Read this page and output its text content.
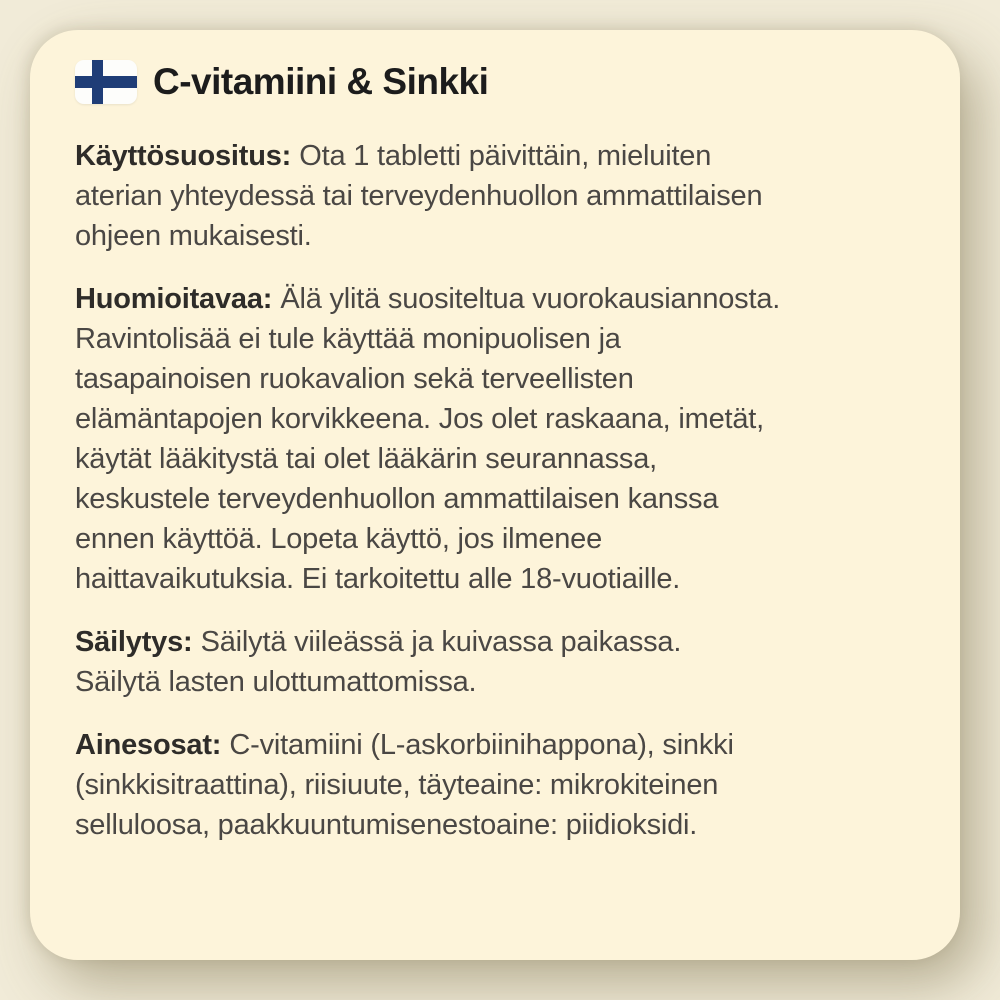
C-vitamiini & Sinkki

Käyttösuositus: Ota 1 tabletti päivittäin, mieluiten
aterian yhteydessä tai terveydenhuollon ammattilaisen
ohjeen mukaisesti.

Huomioitavaa: Älä ylitä suositeltua vuorokausiannosta.
Ravintolisää ei tule käyttää monipuolisen ja
tasapainoisen ruokavalion sekä terveellisten
elämäntapojen korvikkeena. Jos olet raskaana, imetät,
käytät lääkitystä tai olet lääkärin seurannassa,
keskustele terveydenhuollon ammattilaisen kanssa
ennen käyttöä. Lopeta käyttö, jos ilmenee
haittavaikutuksia. Ei tarkoitettu alle 18-vuotiaille.

Säilytys: Säilytä viileässä ja kuivassa paikassa.
Säilytä lasten ulottumattomissa.

Ainesosat: C-vitamiini (L-askorbiinihappona), sinkki
(sinkkisitraattina), riisiuute, täyteaine: mikrokiteinen
selluloosa, paakkuuntumisenestoaine: piidioksidi.
